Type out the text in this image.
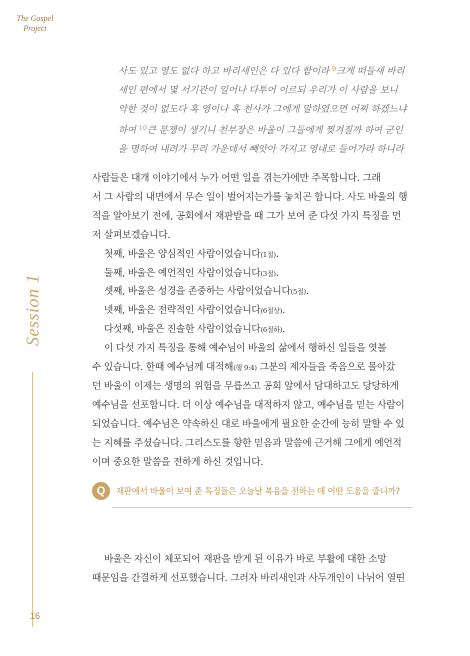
The Gospel
Project
Session 1
사도 있고 영도 없다 하고 바리새인은 다 있다 함이라 $^9$크게 떠들새 바리
새인 편에서 몇 서기관이 일어나 다투어 이르되 우리가 이 사람을 보니
악한 것이 없도다 혹 영이나 혹 천사가 그에게 말하였으면 어찌 하겠느냐
하여 $^{10}$큰 분쟁이 생기니 천부장은 바울이 그들에게 찢겨질까 하여 군인
을 명하여 내려가 무리 가운데서 빼앗아 가지고 영내로 들어가라 하니라
사람들은 대개 이야기에서 누가 어떤 일을 겪는가에만 주목합니다. 그래
서 그 사람의 내면에서 무슨 일이 벌어지는가를 놓치곤 합니다. 사도 바울의 행
적을 알아보기 전에, 공회에서 재판받을 때 그가 보여 준 다섯 가지 특징을 먼
저 살펴보겠습니다.
첫째, 바울은 양심적인 사람이었습니다(1절).
둘째, 바울은 예언적인 사람이었습니다(3절).
셋째, 바울은 성경을 존중하는 사람이었습니다(5절).
넷째, 바울은 전략적인 사람이었습니다(6절상).
다섯째, 바울은 진솔한 사람이었습니다(6절하).
이 다섯 가지 특징을 통해 예수님이 바울의 삶에서 행하신 일들을 엿볼
수 있습니다. 한때 예수님께 대적해(행 9:4) 그분의 제자들을 죽음으로 몰아갔
던 바울이 이제는 생명의 위험을 무릅쓰고 공회 앞에서 담대하고도 당당하게
예수님을 선포합니다. 더 이상 예수님을 대적하지 않고, 예수님을 믿는 사람이
되었습니다. 예수님은 약속하신 대로 바울에게 필요한 순간에 능히 말할 수 있
는 지혜를 주셨습니다. 그리스도를 향한 믿음과 말씀에 근거해 그에게 예언적
이며 중요한 말씀을 전하게 하신 것입니다.
Q	재판에서 바울이 보여 준 특징들은 오늘날 복음을 전하는 데 어떤 도움을 줍니까?
바울은 자신이 체포되어 재판을 받게 된 이유가 바로 부활에 대한 소망
때문임을 간결하게 선포했습니다. 그러자 바리새인과 사두개인이 나뉘어 열띤
16
